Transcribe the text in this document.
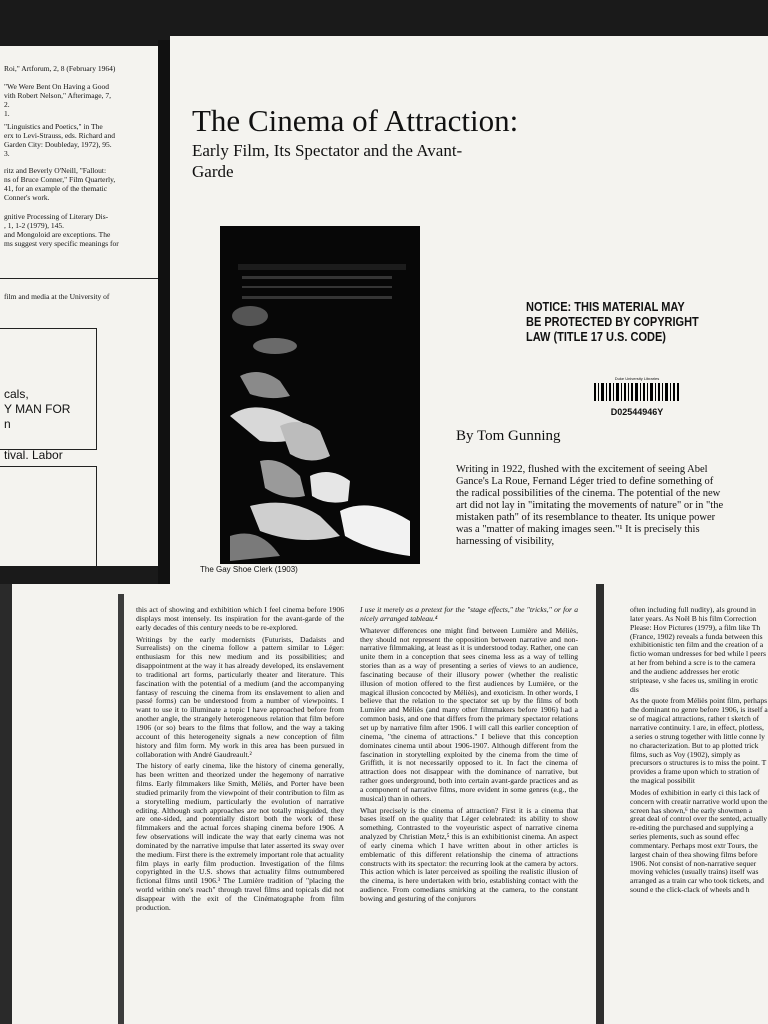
Roi," Artforum, 2, 8 (February 1964)

"We Were Bent On Having a Good
vith Robert Nelson," Afterimage, 7,
2.
1.

"Linguistics and Poetics," in The
erx to Levi-Strauss, eds. Richard and
Garden City: Doubleday, 1972), 95.
3.

ritz and Beverly O'Neill, "Fallout:
ns of Bruce Conner," Film Quarterly,
41, for an example of the thematic
Conner's work.

gnitive Processing of Literary Dis-
, 1, 1-2 (1979), 145.

and Mongoloid are exceptions. The
ms suggest very specific meanings for

film and media at the University of

cals,
Y MAN FOR
n
tival. Labor
The Cinema of Attraction:
Early Film, Its Spectator and the Avant-Garde
The Gay Shoe Clerk (1903)
NOTICE: THIS MATERIAL MAY BE PROTECTED BY COPYRIGHT LAW (TITLE 17 U.S. CODE)
Duke University Libraries
D02544946Y
By Tom Gunning
Writing in 1922, flushed with the excitement of seeing Abel Gance's La Roue, Fernand Léger tried to define something of the radical possibilities of the cinema. The potential of the new art did not lay in "imitating the movements of nature" or in "the mistaken path" of its resemblance to theater. Its unique power was a "matter of making images seen."¹ It is precisely this harnessing of visibility,

this act of showing and exhibition which I feel cinema before 1906 displays most intensely. Its inspiration for the avant-garde of the early decades of this century needs to be re-explored.

Writings by the early modernists (Futurists, Dadaists and Surrealists) on the cinema follow a pattern similar to Léger: enthusiasm for this new medium and its possibilities; and disappointment at the way it has already developed, its enslavement to traditional art forms, particularly theater and literature. This fascination with the potential of a medium (and the accompanying fantasy of rescuing the cinema from its enslavement to alien and passé forms) can be understood from a number of viewpoints. I want to use it to illuminate a topic I have approached before from another angle, the strangely heterogeneous relation that film before 1906 (or so) bears to the films that follow, and the way a taking account of this heterogeneity signals a new conception of film history and film form. My work in this area has been pursued in collaboration with André Gaudreault.²

The history of early cinema, like the history of cinema generally, has been written and theorized under the hegemony of narrative films. Early filmmakers like Smith, Méliès, and Porter have been studied primarily from the viewpoint of their contribution to film as a storytelling medium, particularly the evolution of narrative editing. Although such approaches are not totally misguided, they are one-sided, and potentially distort both the work of these filmmakers and the actual forces shaping cinema before 1906. A few observations will indicate the way that early cinema was not dominated by the narrative impulse that later asserted its sway over the medium. First there is the extremely important role that actuality film plays in early film production. Investigation of the films copyrighted in the U.S. shows that actuality films outnumbered fictional films until 1906.³ The Lumière tradition of "placing the world within one's reach" through travel films and topicals did not disappear with the exit of the Cinématographe from film production.

I use it merely as a pretext for the "stage effects," the "tricks," or for a nicely arranged tableau.⁴

Whatever differences one might find between Lumière and Méliès, they should not represent the opposition between narrative and non-narrative filmmaking, at least as it is understood today. Rather, one can unite them in a conception that sees cinema less as a way of telling stories than as a way of presenting a series of views to an audience, fascinating because of their illusory power (whether the realistic illusion of motion offered to the first audiences by Lumière, or the magical illusion concocted by Méliès), and exoticism. In other words, I believe that the relation to the spectator set up by the films of both Lumière and Méliès (and many other filmmakers before 1906) had a common basis, and one that differs from the primary spectator relations set up by narrative film after 1906. I will call this earlier conception of cinema, "the cinema of attractions." I believe that this conception dominates cinema until about 1906-1907. Although different from the fascination in storytelling exploited by the cinema from the time of Griffith, it is not necessarily opposed to it. In fact the cinema of attraction does not disappear with the dominance of narrative, but rather goes underground, both into certain avant-garde practices and as a component of narrative films, more evident in some genres (e.g., the musical) than in others.

What precisely is the cinema of attraction? First it is a cinema that bases itself on the quality that Léger celebrated: its ability to show something. Contrasted to the voyeuristic aspect of narrative cinema analyzed by Christian Metz,⁵ this is an exhibitionist cinema. An aspect of early cinema which I have written about in other articles is emblematic of this different relationship the cinema of attractions constructs with its spectator: the recurring look at the camera by actors. This action which is later perceived as spoiling the realistic illusion of the cinema, is here undertaken with brio, establishing contact with the audience. From comedians smirking at the camera, to the constant bowing and gesturing of the conjurors

often including full nudity), als ground in later years. As Noël B his film Correction Please: Hov Pictures (1979), a film like Th (France, 1902) reveals a funda between this exhibitionistic ten film and the creation of a fictio woman undresses for bed while l peers at her from behind a scre is to the camera and the audienc addresses her erotic striptease, v she faces us, smiling in erotic dis

As the quote from Méliès point film, perhaps the dominant no genre before 1906, is itself a se of magical attractions, rather t sketch of narrative continuity. l are, in effect, plotless, a series o strung together with little conne ly no characterization. But to ap plotted trick films, such as Voy (1902), simply as precursors o structures is to miss the point. T provides a frame upon which to stration of the magical possibilit

Modes of exhibition in early ci this lack of concern with creatir narrative world upon the screen has shown,⁶ the early showmen a great deal of control over the sented, actually re-editing the purchased and supplying a series plements, such as sound effec commentary. Perhaps most extr Tours, the largest chain of thea showing films before 1906. Not consist of non-narrative sequer moving vehicles (usually trains) itself was arranged as a train car who took tickets, and sound e the click-clack of wheels and h
